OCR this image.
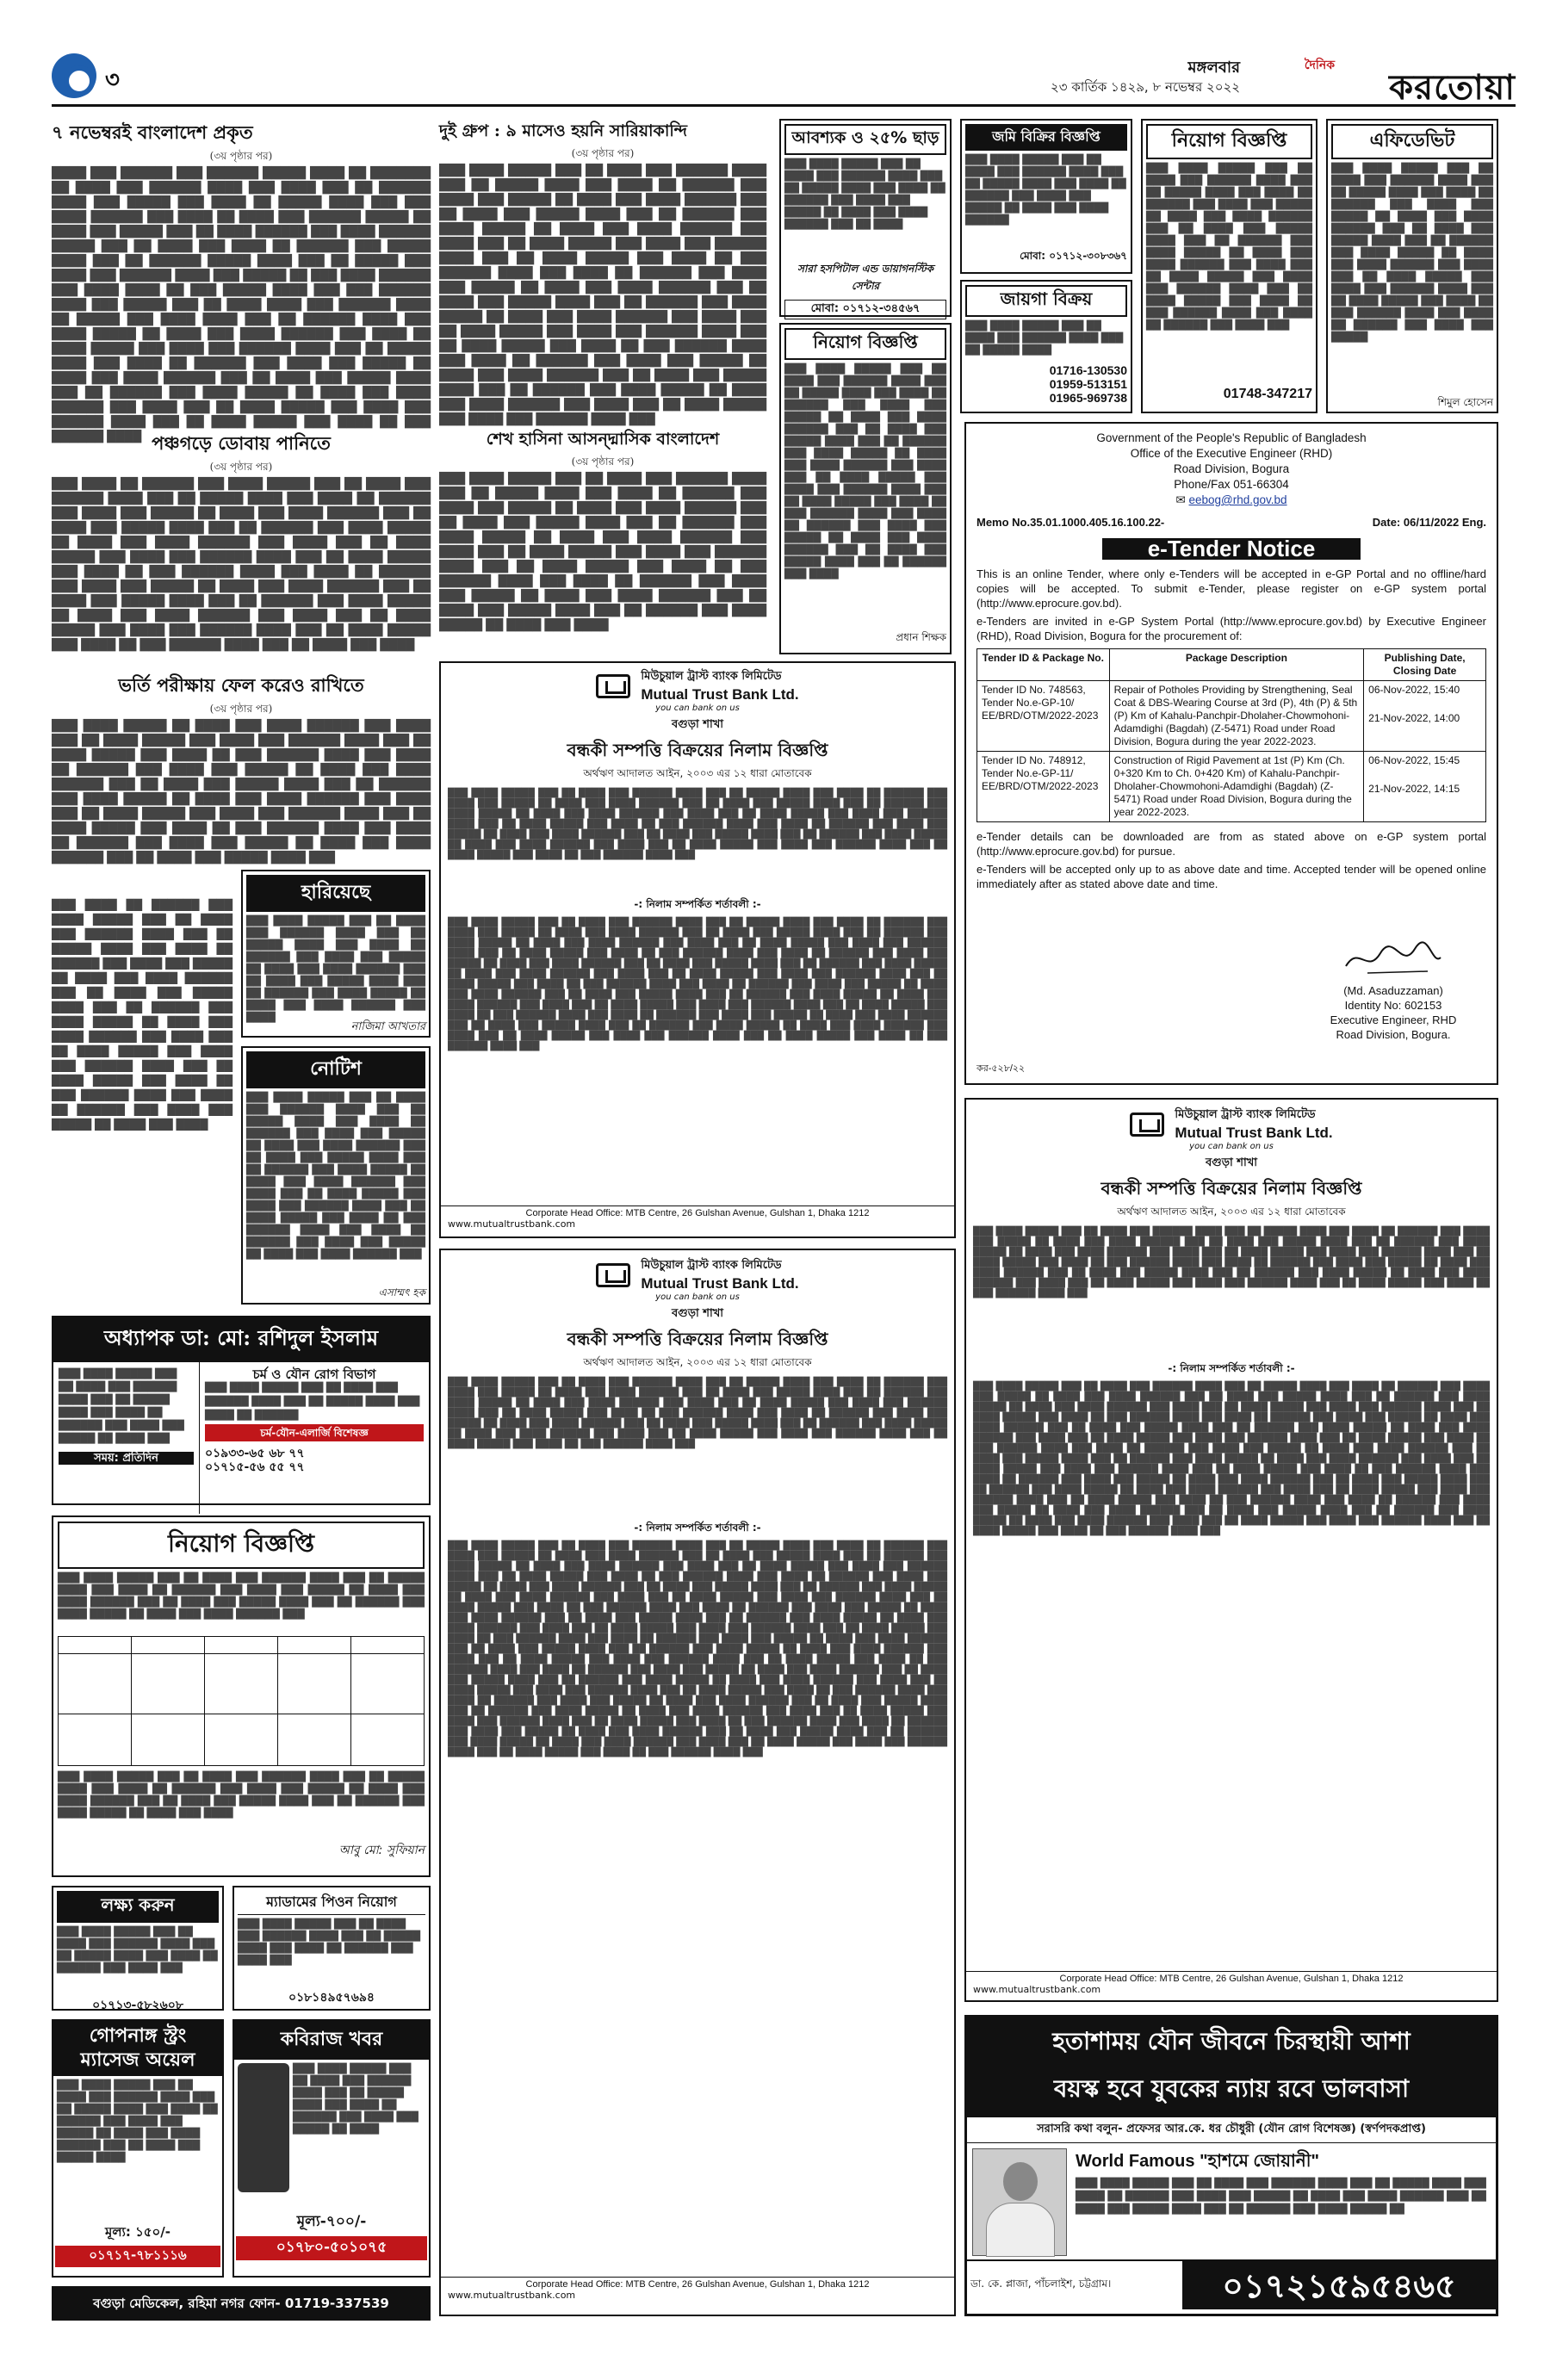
৩	মঙ্গলবার
২৩ কার্তিক ১৪২৯, ৮ নভেম্বর ২০২২
দৈনিক
করতোয়া
৭ নভেম্বরই বাংলাদেশ প্রকৃত
(৩য় পৃষ্ঠার পর)
████ ███ ██████ ███ ██████ █████ ████ ██ ███████ ██ ████ ███ ██████ ████ ███ ████ ███ ██ ██████ ████ ███ █████ ███ ████ ██ █████ ████ ███ ███ ████ ██████ ███ ████ ██ ████ ███ ██████ █████ ██ ████ ███ █████ ███ ██ ████ ██████ ███ ████ ██████ █████ ███ ██ ████ ███ ████ ██ ██████ ███ █████ ████ ███ ██ ██████ █████ ████ ███ ██ █████ ███ ████ ███ ██████ ████ ███ █████ ██ ███ ████ ██████ ███ ████ ████ ██ ███ █████ ████ ███ ███ ██████ ████ ███ █████ ███ ██ ████ ████ ███ ██████ ████ ██ █████ ███ ████ ████ ███ ██ ██████ ████ ███ ████ █████ ██ ████ ███ ████ ██████ ███ ████ ██ ████ █████ ███ ████ ███ ██████ ████ ███ ██ █████ ████ ███ ████ ██ ██████ ███ ████ ███ █████ ██ ████ ███ ████ ██████ ███ ██ ████ ███ █████ ████ ███ ██ ██████ ███ ████ █████ ██ ████ ███ ████ ██████ ███ ████ ███ ██ ████ █████ ███ ████ ███ ██████ ████ ███ ██ ████ █████ ███ ████ ██ ███ ██████ ████ পঞ্চগড়ে ডোবায় পানিতে
(৩য় পৃষ্ঠার পর)
███ ████ ██ ██████ ███ ████ █████ ███ ██ ████ ███ ██████ ████ ███ ██ █████ ████ ███ ████ ██ ██████ ███ ████ ███ █████ ██ ████ ███ ████ ██████ ███ ██ ████ ███ █████ ████ ███ ██ ██████ ███ ████ █████ ██ ████ ███ ████ ██████ ███ ████ ███ ██ ████ █████ ███ ████ ███ ██████ ████ ███ ██ ████ █████ ███ ████ ██ ███ ██████ ████ ███ ████ ██ ██████ ███ ████ ███ █████ ██ ████ ███ ████ ██████ ███ ██ ████ ███ █████ ████ ███ ██ ██████ ███ ████ █████ ██ ████ ███ ████ ██████ ███ ████ ███ ██ ████ █████ ███ ████ ███ ██████ ████ ███ ██ ████ █████ ███ ████ ██ ███ ██████ ████ ███ ██ ████ ███ ████
ভর্তি পরীক্ষায় ফেল করেও রাখিতে
(৩য় পৃষ্ঠার পর)
███ ████ █████ ██ ████ ███ ████ ██████ ███ ████ ███ ██ ████ █████ ███ ████ ███ ██████ ████ ███ ██ ████ █████ ███ ████ ██ ███ ██████ ████ ███ ████ ██ ██████ ███ ████ ███ █████ ██ ████ ███ ████ ██████ ███ ██ ████ ███ █████ ████ ███ ██ ██████ ███ ████ █████ ██ ████ ███ ████ ██████ ███ ████ ███ ██ ████ █████ ███ ████ ███ ██████ ████ ███ ██ ████ █████ ███ ████ ██ ███ ██████ ████ ███ ████ ██ ██████ ███ ████ ███ █████ ██ ████ ███ ████ ██████ ███ ██ ████ ███ █████ ████ ███
███ ████ ██ ██████ ███ ████ █████ ███ ██ ████ ███ ██████ ████ ███ ██ █████ ████ ███ ████ ██ ██████ ███ ████ ███ █████ ██ ████ ███ ████ ██████ ███ ██ ████ ███ █████ ████ ███ ██ ██████ ███ ████ █████ ██ ████ ███ ████ ██████ ███ ████ ███ ██ ████ █████ ███ ████ ███ ██████ ████ ███ ██ ████ █████ ███ ████ ██ ███ ██████ ████ ███ ████ ██ ██████ ███ ████ ███ █████ ██ ████ ███ ████
হারিয়েছে
███ ████ █████ ███ ██ ████ ███ ██████ ████ ███ ██ █████ ████ ███ ████ ██ ██████ ███ ████ ███ █████ ██ ████ ███ ████ ██████ ███ ██ ████ ███ █████ ████ ███ ██ ██████ ███ ████ █████ ██ ████ ███ ████ ██████ ███ ████
নাজিমা আখতার
নোটিশ
███ ████ █████ ███ ██ ████ ███ ██████ ████ ███ ██ █████ ████ ███ ████ ██ ██████ ███ ████ ███ █████ ██ ████ ███ ████ ██████ ███ ██ ████ ███ █████ ████ ███ ██ ██████ ███ ████ █████ ██ ████ ███ ████ ██████ ███ ████ ███ ██ ████ █████ ███ ████ ███ ██████ ████ ███ ██ ████ █████ ███ ████ ██ ███ ██████ ████ ███ ████ ██ ██████ ███ ████ ███ █████ ██ ████ ███ ████ ██████ ███
এসাম্মৎ হক
অধ্যাপক ডা: মো: রশিদুল ইসলাম
███ ████ █████ ███ ██ ████ ███ ██████ ████ ███ ██ █████ ████ ███ ████ ██ ██████ ███ ████ ███ █████ ██ ████ ███
সময়: প্রতিদিন
চর্ম ও যৌন রোগ বিভাগ
███ ████ █████ ███ ██ ████ ███ ██████ ████ ███ ██ █████ ████ ███ ████ ██ ██████
চর্ম-যৌন-এলার্জি বিশেষজ্ঞ
০১৯৩৩-৬৫ ৬৮ ৭৭
০১৭১৫-৫৬ ৫৫ ৭৭
নিয়োগ বিজ্ঞপ্তি
███ ████ █████ ███ ██ ████ ███ ██████ ████ ███ ██ █████ ████ ███ ████ ██ ██████ ███ ████ ███ █████ ██ ████ ███ ████ ██████ ███ ██ ████ ███ █████ ████ ███ ██ ██████ ███ ████ █████ ██ ████ ███ ████ ██████ ███

███ ████ █████ ███ ██ ████ ███ ██████ ████ ███ ██ █████ ████ ███ ████ ██ ██████ ███ ████ ███ █████ ██ ████ ███ ████ ██████ ███ ██ ████ ███ █████ ████ ███ ██ ██████ ███ ████ █████ ██ ████ ███ ████
আবু মো: সুফিয়ান
লক্ষ্য করুন
███ ████ █████ ███ ██ ████ ███ ██████ ████ ███ ██ █████ ████ ███ ████ ██ ██████ ███ ████ ███
০১৭১৩-৫৮২৬০৮
ম্যাডামের পিওন নিয়োগ
███ ████ █████ ███ ██ ████ ███ ██████ ████ ███ ██ █████ ████ ███ ████ ██ ██████ ███ ████ ███
০১৮১৪৯৫৭৬৯৪
গোপনাঙ্গ স্ট্রং ম্যাসেজ অয়েল
███ ████ █████ ███ ██ ████ ███ ██████ ████ ███ ██ █████ ████ ███ ████ ██ ██████ ███ ████ ███ █████ ██ ████ ███ ████ ██████ ███ ██ ████ ███ █████ ████
মূল্য: ১৫০/-
০১৭১৭-৭৮১১১৬
কবিরাজ খবর
███ ████ █████ ███ ██ ████ ███ ██████ ████ ███ ██ █████ ████ ███ ████ ██ ██████ ███ ████ ███ █████ ██ ████
মূল্য-৭০০/-
০১৭৮০-৫০১০৭৫
বগুড়া মেডিকেল, রহিমা নগর ফোন- 01719-337539
দুই গ্রুপ : ৯ মাসেও হয়নি সারিয়াকান্দি
(৩য় পৃষ্ঠার পর)
███ ████ █████ ███ ██ ████ ███ ██████ ████ ███ ██ █████ ████ ███ ████ ██ ██████ ███ ████ ███ █████ ██ ████ ███ ████ ██████ ███ ██ ████ ███ █████ ████ ███ ██ ██████ ███ ████ █████ ██ ████ ███ ████ ██████ ███ ████ ███ ██ ████ █████ ███ ████ ███ ██████ ████ ███ ██ ████ █████ ███ ████ ██ ███ ██████ ████ ███ ████ ██ ██████ ███ ████ ███ █████ ██ ████ ███ ████ ██████ ███ ██ ████ ███ █████ ████ ███ ██ ██████ ███ ████ █████ ██ ████ ███ ████ ██████ ███ ████ ███ ██ ████ █████ ███ ████ ███ ██████ ████ ███ ██ ████ █████ ███ ████ ██ ███ ██████ ████ ███ ████ ██ ██████ ███ ████ ███ █████ ██ ████ ███ ████ ██████ ███ ██ ████ ███ █████ ████ ███ ██ ██████ ███ ████ █████ ██ ████ ███ ████ ██████ ███ ████ ███ ██ ████ █████ ███ ████ ███ ██████ ████ ███
শেখ হাসিনা আসন্দ্মাসিক বাংলাদেশ
(৩য় পৃষ্ঠার পর)
███ ████ █████ ███ ██ ████ ███ ██████ ████ ███ ██ █████ ████ ███ ████ ██ ██████ ███ ████ ███ █████ ██ ████ ███ ████ ██████ ███ ██ ████ ███ █████ ████ ███ ██ ██████ ███ ████ █████ ██ ████ ███ ████ ██████ ███ ████ ███ ██ ████ █████ ███ ████ ███ ██████ ████ ███ ██ ████ █████ ███ ████ ██ ███ ██████ ████ ███ ████ ██ ██████ ███ ████ ███ █████ ██ ████ ███ ████ ██████ ███ ██ ████ ███ █████ ████ ███ ██ ██████ ███ ████ █████ ██ ████ ███ ████
আবশ্যক ও ২৫% ছাড়
███ ████ █████ ███ ██ ████ ███ ██████ ████ ███ ██ █████ ████ ███ ████ ██ ██████ ███ ████ ███ █████ ██ ████ ███ ████ ██████ ███ ██ ████
সারা হসপিটাল এন্ড ডায়াগনস্টিক সেন্টার
মোবা: ০১৭১২-৩৪৫৬৭
নিয়োগ বিজ্ঞপ্তি
███ ████ █████ ███ ██ ████ ███ ██████ ████ ███ ██ █████ ████ ███ ████ ██ ██████ ███ ████ ███ █████ ██ ████ ███ ████ ██████ ███ ██ ████ ███ █████ ████ ███ ██ ██████ ███ ████ █████ ██ ████ ███ ████ ██████ ███ ████ ███ ██ ████ █████ ███ ████ ███ ██████ ████ ███ ██ ████ █████ ███ ████ ██ ███ ██████ ████ ███ ████ ██ ██████ ███ ████ ███ █████ ██ ████ ███ ████ ██████ ███ ██ ████ ███ █████ ████ ███ ██ ██████ ███ ████
প্রধান শিক্ষক
জমি বিক্রির বিজ্ঞপ্তি
███ ████ █████ ███ ██ ████ ███ ██████ ████ ███ ██ █████ ████ ███ ████ ██ ██████ ███ ████ ███ █████ ██ ████ ███ ████ ██████
মোবা: ০১৭১২-৩০৮৩৬৭
জায়গা বিক্রয়
███ ████ █████ ███ ██ ████ ███ ██████ ████ ███ ██ █████ ████
01716-130530
01959-513151
01965-969738
নিয়োগ বিজ্ঞপ্তি
███ ████ █████ ███ ██ ████ ███ ██████ ████ ███ ██ █████ ████ ███ ████ ██ ██████ ███ ████ ███ █████ ██ ████ ███ ████ ██████ ███ ██ ████ ███ █████ ████ ███ ██ ██████ ███ ████ █████ ██ ████ ███ ████ ██████ ███ ████ ███ ██ ████ █████ ███ ████ ███ ██████ ████ ███ ██ ████ █████ ███ ████ ██ ███ ██████ ████ ███ ████ ██ ██████ ███ ████ ███
01748-347217
এফিডেভিট
███ ████ █████ ███ ██ ████ ███ ██████ ████ ███ ██ █████ ████ ███ ████ ██ ██████ ███ ████ ███ █████ ██ ████ ███ ████ ██████ ███ ██ ████ ███ █████ ████ ███ ██ ██████ ███ ████ █████ ██ ████ ███ ████ ██████ ███ ████ ███ ██ ████ █████ ███ ████ ███ ██████ ████ ███ ██ ████ █████ ███ ████ ██ ███ ██████ ████ ███ ████ ██ ██████ ███ ████ ███ █████
শিমুল হোসেন
Government of the People's Republic of Bangladesh
Office of the Executive Engineer (RHD)
Road Division, Bogura
Phone/Fax 051-66304
✉ eebog@rhd.gov.bd
Memo No.35.01.1000.405.16.100.22-	Date: 06/11/2022 Eng.
e-Tender Notice

This is an online Tender, where only e-Tenders will be accepted in e-GP Portal and no offline/hard copies will be accepted. To submit e-Tender, please register on e-GP system portal (http://www.eprocure.gov.bd).

e-Tenders are invited in e-GP System Portal (http://www.eprocure.gov.bd) by Executive Engineer (RHD), Road Division, Bogura for the procurement of:

Tender ID & Package No.	Package Description	Publishing Date, Closing Date
Tender ID No. 748563, Tender No.e-GP-10/ EE/BRD/OTM/2022-2023	Repair of Potholes Providing by Strengthening, Seal Coat & DBS-Wearing Course at 3rd (P), 4th (P) & 5th (P) Km of Kahalu-Panchpir-Dholaher-Chowmohoni-Adamdighi (Bagdah) (Z-5471) Road under Road Division, Bogura during the year 2022-2023.	06-Nov-2022, 15:40
21-Nov-2022, 14:00

Tender ID No. 748912, Tender No.e-GP-11/ EE/BRD/OTM/2022-2023	Construction of Rigid Pavement at 1st (P) Km (Ch. 0+320 Km to Ch. 0+420 Km) of Kahalu-Panchpir-Dholaher-Chowmohoni-Adamdighi (Bagdah) (Z-5471) Road under Road Division, Bogura during the year 2022-2023.	06-Nov-2022, 15:45
21-Nov-2022, 14:15

e-Tender details can be downloaded are from as stated above on e-GP system portal (http://www.eprocure.gov.bd) for pursue.

e-Tenders will be accepted only up to as above date and time. Accepted tender will be opened online immediately after as stated above date and time.

(Md. Asaduzzaman)
Identity No: 602153
Executive Engineer, RHD
Road Division, Bogura.
কর-৫২৮/২২
মিউচুয়াল ট্রাস্ট ব্যাংক লিমিটেড
Mutual Trust Bank Ltd.
you can bank on us
বগুড়া শাখা
বন্ধকী সম্পত্তি বিক্রয়ের নিলাম বিজ্ঞপ্তি
অর্থঋণ আদালত আইন, ২০০৩ এর ১২ ধারা মোতাবেক
███ ████ █████ ███ ██ ████ ███ ██████ ████ ███ ██ █████ ████ ███ ████ ██ ██████ ███ ████ ███ █████ ██ ████ ███ ████ ██████ ███ ██ ████ ███ █████ ████ ███ ██ ██████ ███ ████ █████ ██ ████ ███ ████ ██████ ███ ████ ███ ██ ████ █████ ███ ████ ███ ██████ ████ ███ ██ ████ █████ ███ ████ ██ ███ ██████ ████ ███ ████ ██ ██████ ███ ████ ███ █████ ██ ████ ███ ████ ██████ ███ ██ ████ ███ █████ ████ ███ ██ ██████ ███ ████ █████ ██ ████ ███ ████ ██████ ███ ████ ███ ██ ████ █████ ███ ████ ███ ██████ ████ ███ ██ ████ █████ ███ ████ ██ ███ ██████ ████ ███
-: নিলাম সম্পর্কিত শর্তাবলী :-
███ ████ █████ ███ ██ ████ ███ ██████ ████ ███ ██ █████ ████ ███ ████ ██ ██████ ███ ████ ███ █████ ██ ████ ███ ████ ██████ ███ ██ ████ ███ █████ ████ ███ ██ ██████ ███ ████ █████ ██ ████ ███ ████ ██████ ███ ████ ███ ██ ████ █████ ███ ████ ███ ██████ ████ ███ ██ ████ █████ ███ ████ ██ ███ ██████ ████ ███ ████ ██ ██████ ███ ████ ███ █████ ██ ████ ███ ████ ██████ ███ ██ ████ ███ █████ ████ ███ ██ ██████ ███ ████ █████ ██ ████ ███ ████ ██████ ███ ████ ███ ██ ████ █████ ███ ████ ███ ██████ ████ ███ ██ ████ █████ ███ ████ ██ ███ ██████ ████ ███ ████ ██ ██████ ███ ████ ███ █████ ██ ████ ███ ████ ██████ ███ ██ ████ ███ █████ ████ ███ ██ ██████ ███ ████ █████ ██ ████ ███ ████ ██████ ███ ████ ███ ██ ████ █████ ███ ████ ███ ██████ ████ ███ ██ ████ █████ ███ ████ ██ ███ ██████ ████ ███ ████ ██ ██████ ███ ████ ███ █████ ██ ████ ███ ████ ██████ ███ ██ ████ ███ █████ ████ ███ ██ ██████ ███ ████ █████ ██ ████ ███ ████ ██████ ███ ████ ███ ██ ████ █████ ███ ████ ███ ██████ ████ ███ ██ ████ █████ ███ ████ ██ ███ ██████ ████ ███
Corporate Head Office: MTB Centre, 26 Gulshan Avenue, Gulshan 1, Dhaka 1212
www.mutualtrustbank.com
মিউচুয়াল ট্রাস্ট ব্যাংক লিমিটেড
Mutual Trust Bank Ltd.
you can bank on us
বগুড়া শাখা
বন্ধকী সম্পত্তি বিক্রয়ের নিলাম বিজ্ঞপ্তি
অর্থঋণ আদালত আইন, ২০০৩ এর ১২ ধারা মোতাবেক
███ ████ █████ ███ ██ ████ ███ ██████ ████ ███ ██ █████ ████ ███ ████ ██ ██████ ███ ████ ███ █████ ██ ████ ███ ████ ██████ ███ ██ ████ ███ █████ ████ ███ ██ ██████ ███ ████ █████ ██ ████ ███ ████ ██████ ███ ████ ███ ██ ████ █████ ███ ████ ███ ██████ ████ ███ ██ ████ █████ ███ ████ ██ ███ ██████ ████ ███ ████ ██ ██████ ███ ████ ███ █████ ██ ████ ███ ████ ██████ ███ ██ ████ ███ █████ ████ ███ ██ ██████ ███ ████ █████ ██ ████ ███ ████ ██████ ███ ████ ███ ██ ████ █████ ███ ████ ███ ██████ ████ ███ ██ ████ █████ ███ ████ ██ ███ ██████ ████ ███
-: নিলাম সম্পর্কিত শর্তাবলী :-
███ ████ █████ ███ ██ ████ ███ ██████ ████ ███ ██ █████ ████ ███ ████ ██ ██████ ███ ████ ███ █████ ██ ████ ███ ████ ██████ ███ ██ ████ ███ █████ ████ ███ ██ ██████ ███ ████ █████ ██ ████ ███ ████ ██████ ███ ████ ███ ██ ████ █████ ███ ████ ███ ██████ ████ ███ ██ ████ █████ ███ ████ ██ ███ ██████ ████ ███ ████ ██ ██████ ███ ████ ███ █████ ██ ████ ███ ████ ██████ ███ ██ ████ ███ █████ ████ ███ ██ ██████ ███ ████ █████ ██ ████ ███ ████ ██████ ███ ████ ███ ██ ████ █████ ███ ████ ███ ██████ ████ ███ ██ ████ █████ ███ ████ ██ ███ ██████ ████ ███ ████ ██ ██████ ███ ████ ███ █████ ██ ████ ███ ████ ██████ ███ ██ ████ ███ █████ ████ ███ ██ ██████ ███ ████ █████ ██ ████ ███ ████ ██████ ███ ████ ███ ██ ████ █████ ███ ████ ███ ██████ ████ ███ ██ ████ █████ ███ ████ ██ ███ ██████ ████ ███ ████ ██ ██████ ███ ████ ███ █████ ██ ████ ███ ████ ██████ ███ ██ ████ ███ █████ ████ ███ ██ ██████ ███ ████ █████ ██ ████ ███ ████ ██████ ███ ████ ███ ██ ████ █████ ███ ████ ███ ██████ ████ ███ ██ ████ █████ ███ ████ ██ ███ ██████ ████ ███ ████ ██ ██████ ███ ████ ███ █████ ██ ████ ███ ████ ██████ ███ ██ ████ ███ █████ ████ ███ ██ ██████ ███ ████ █████ ██ ████ ███ ████ ██████ ███ ████ ███ ██ ████ █████ ███ ████ ███ ██████ ████ ███ ██ ████ █████ ███ ████ ██ ███ ██████ ████ ███ ████ ██ ██████ ███ ████ ███ █████ ██ ████ ███ ████ ██████ ███ ██ ████ ███ █████ ████ ███ ██ ██████ ███ ████ █████ ██ ████ ███ ████ ██████ ███ ████ ███ ██ ████ █████ ███ ████ ███ ██████ ████ ███ ██ ████ █████ ███ ████ ██ ███ ██████ ████ ███ ████ ██ ██████ ███ ████ ███ █████ ██ ████ ███ ████ ██████ ███ ██ ████ ███ █████ ████ ███ ██ ██████ ███ ████ █████ ██ ████ ███ ████ ██████ ███ ████ ███ ██ ████ █████ ███ ████ ███ ██████ ████ ███ ██ ████ █████ ███ ████ ██ ███ ██████ ████ ███
Corporate Head Office: MTB Centre, 26 Gulshan Avenue, Gulshan 1, Dhaka 1212
www.mutualtrustbank.com
মিউচুয়াল ট্রাস্ট ব্যাংক লিমিটেড
Mutual Trust Bank Ltd.
you can bank on us
বগুড়া শাখা
বন্ধকী সম্পত্তি বিক্রয়ের নিলাম বিজ্ঞপ্তি
অর্থঋণ আদালত আইন, ২০০৩ এর ১২ ধারা মোতাবেক
███ ████ █████ ███ ██ ████ ███ ██████ ████ ███ ██ █████ ████ ███ ████ ██ ██████ ███ ████ ███ █████ ██ ████ ███ ████ ██████ ███ ██ ████ ███ █████ ████ ███ ██ ██████ ███ ████ █████ ██ ████ ███ ████ ██████ ███ ████ ███ ██ ████ █████ ███ ████ ███ ██████ ████ ███ ██ ████ █████ ███ ████ ██ ███ ██████ ████ ███ ████ ██ ██████ ███ ████ ███ █████ ██ ████ ███ ████ ██████ ███ ██ ████ ███ █████ ████ ███ ██ ██████ ███ ████ █████ ██ ████ ███ ████ ██████ ███ ████ ███ ██ ████ █████ ███ ████ ███ ██████ ████ ███ ██ ████ █████ ███ ████ ██ ███ ██████ ████ ███
-: নিলাম সম্পর্কিত শর্তাবলী :-
███ ████ █████ ███ ██ ████ ███ ██████ ████ ███ ██ █████ ████ ███ ████ ██ ██████ ███ ████ ███ █████ ██ ████ ███ ████ ██████ ███ ██ ████ ███ █████ ████ ███ ██ ██████ ███ ████ █████ ██ ████ ███ ████ ██████ ███ ████ ███ ██ ████ █████ ███ ████ ███ ██████ ████ ███ ██ ████ █████ ███ ████ ██ ███ ██████ ████ ███ ████ ██ ██████ ███ ████ ███ █████ ██ ████ ███ ████ ██████ ███ ██ ████ ███ █████ ████ ███ ██ ██████ ███ ████ █████ ██ ████ ███ ████ ██████ ███ ████ ███ ██ ████ █████ ███ ████ ███ ██████ ████ ███ ██ ████ █████ ███ ████ ██ ███ ██████ ████ ███ ████ ██ ██████ ███ ████ ███ █████ ██ ████ ███ ████ ██████ ███ ██ ████ ███ █████ ████ ███ ██ ██████ ███ ████ █████ ██ ████ ███ ████ ██████ ███ ████ ███ ██ ████ █████ ███ ████ ███ ██████ ████ ███ ██ ████ █████ ███ ████ ██ ███ ██████ ████ ███ ████ ██ ██████ ███ ████ ███ █████ ██ ████ ███ ████ ██████ ███ ██ ████ ███ █████ ████ ███ ██ ██████ ███ ████ █████ ██ ████ ███ ████ ██████ ███ ████ ███ ██ ████ █████ ███ ████ ███ ██████ ████ ███ ██ ████ █████ ███ ████ ██ ███ ██████ ████ ███ ████ ██ ██████ ███ ████ ███ █████ ██ ████ ███ ████ ██████ ███ ██ ████ ███ █████ ████ ███ ██ ██████ ███ ████ █████ ██ ████ ███ ████ ██████ ███ ████ ███ ██ ████ █████ ███ ████ ███ ██████ ████ ███ ██ ████ █████ ███ ████ ██ ███ ██████ ████ ███
Corporate Head Office: MTB Centre, 26 Gulshan Avenue, Gulshan 1, Dhaka 1212
www.mutualtrustbank.com
হতাশাময় যৌন জীবনে চিরস্থায়ী আশা
বয়স্ক হবে যুবকের ন্যায় রবে ভালবাসা
সরাসরি কথা বলুন- প্রফেসর আর.কে. ধর চৌধুরী (যৌন রোগ বিশেষজ্ঞ) (স্বর্ণপদকপ্রাপ্ত)
World Famous "হাশমে জোয়ানী"
███ ████ █████ ███ ██ ████ ███ ██████ ████ ███ ██ █████ ████ ███ ████ ██ ██████ ███ ████ ███ █████ ██ ████ ███ ████ ██████ ███ ██ ████ ███ █████ ████ ███ ██ ██████ ███ ████ █████ ██
ডা. কে. প্লাজা, পাঁচলাইশ, চট্টগ্রাম।	০১৭২১৫৯৫৪৬৫
